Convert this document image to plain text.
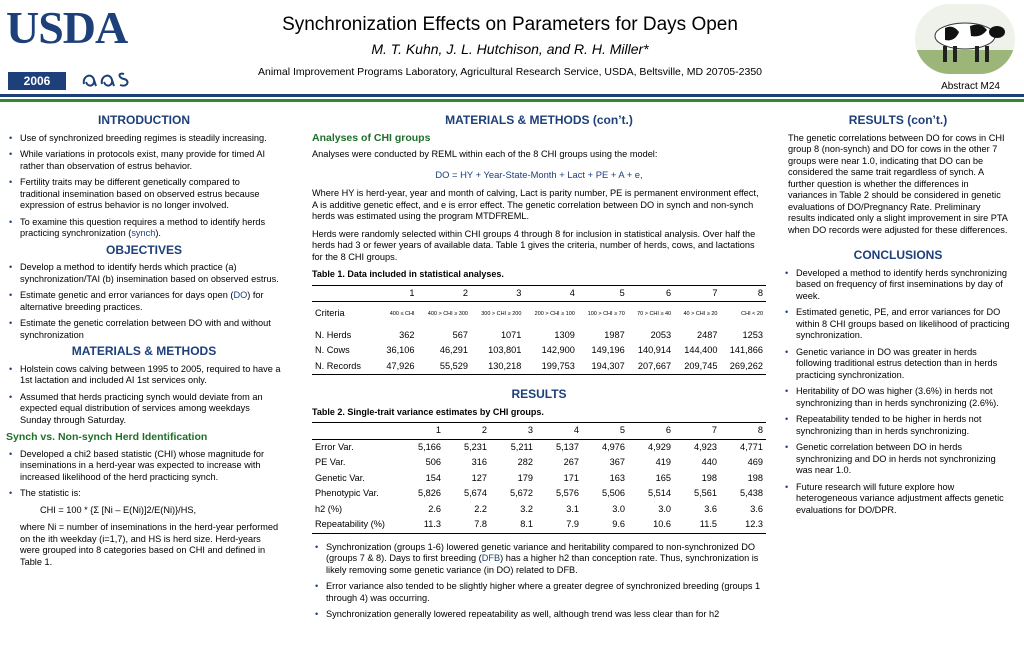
USDA
2006
Synchronization Effects on Parameters for Days Open
M. T. Kuhn, J. L. Hutchison, and R. H. Miller*
Animal Improvement Programs Laboratory, Agricultural Research Service, USDA, Beltsville, MD 20705-2350
Abstract M24
INTRODUCTION
• Use of synchronized breeding regimes is steadily increasing.
• While variations in protocols exist, many provide for timed AI rather than observation of estrus behavior.
• Fertility traits may be different genetically compared to traditional insemination based on observed estrus because expression of estrus behavior is no longer involved.
• To examine this question requires a method to identify herds practicing synchronization (synch).
OBJECTIVES
• Develop a method to identify herds which practice (a) synchronization/TAI (b) insemination based on observed estrus.
• Estimate genetic and error variances for days open (DO) for alternative breeding practices.
• Estimate the genetic correlation between DO with and without synchronization
MATERIALS & METHODS
• Holstein cows calving between 1995 to 2005, required to have a 1st lactation and included AI 1st services only.
• Assumed that herds practicing synch would deviate from an expected equal distribution of services among weekdays Sunday through Saturday.
Synch vs. Non-synch Herd Identification
• Developed a chi2 based statistic (CHI) whose magnitude for inseminations in a herd-year was expected to increase with increased likelihood of the herd practicing synch.
• The statistic is:
CHI = 100 * {Σ [Ni – E(Ni)]2/E(Ni)}/HS,

where Ni = number of inseminations in the herd-year performed on the ith weekday (i=1,7), and HS is herd size. Herd-years were grouped into 8 categories based on CHI and defined in Table 1.

MATERIALS & METHODS (con’t.)
Analyses of CHI groups

Analyses were conducted by REML within each of the 8 CHI groups using the model:

DO = HY + Year-State-Month + Lact + PE + A + e,

Where HY is herd-year, year and month of calving, Lact is parity number, PE is permanent environment effect, A is additive genetic effect, and e is error effect. The genetic correlation between DO in synch and non-synch herds was estimated using the program MTDFREML.

Herds were randomly selected within CHI groups 4 through 8 for inclusion in statistical analysis. Over half the herds had 3 or fewer years of available data. Table 1 gives the criteria, number of herds, cows, and lactations for the 8 CHI groups.

Table 1. Data included in statistical analyses.
	1	2	3	4	5	6	7	8
Criteria	400 ≤ CHI	400 > CHI ≥ 300	300 > CHI ≥ 200	200 > CHI ≥ 100	100 > CHI ≥ 70	70 > CHI ≥ 40	40 > CHI ≥ 20	CHI < 20
N. Herds	362	567	1071	1309	1987	2053	2487	1253
N. Cows	36,106	46,291	103,801	142,900	149,196	140,914	144,400	141,866
N. Records	47,926	55,529	130,218	199,753	194,307	207,667	209,745	269,262
RESULTS
Table 2. Single-trait variance estimates by CHI groups.
	1	2	3	4	5	6	7	8
Error Var.	5,166	5,231	5,211	5,137	4,976	4,929	4,923	4,771
PE Var.	506	316	282	267	367	419	440	469
Genetic Var.	154	127	179	171	163	165	198	198
Phenotypic Var.	5,826	5,674	5,672	5,576	5,506	5,514	5,561	5,438
h2 (%)	2.6	2.2	3.2	3.1	3.0	3.0	3.6	3.6
Repeatability (%)	11.3	7.8	8.1	7.9	9.6	10.6	11.5	12.3
• Synchronization (groups 1-6) lowered genetic variance and heritability compared to non-synchronized DO (groups 7 & 8). Days to first breeding (DFB) has a higher h2 than conception rate. Thus, synchronization is likely removing some genetic variance (in DO) related to DFB.
• Error variance also tended to be slightly higher where a greater degree of synchronized breeding (groups 1 through 4) was occurring.
• Synchronization generally lowered repeatability as well, although trend was less clear than for h2
RESULTS (con’t.)

The genetic correlations between DO for cows in CHI group 8 (non-synch) and DO for cows in the other 7 groups were near 1.0, indicating that DO can be considered the same trait regardless of synch. A further question is whether the differences in variances in Table 2 should be considered in genetic evaluations of DO/Pregnancy Rate. Preliminary results indicated only a slight improvement in sire PTA when DO records were adjusted for these differences.

CONCLUSIONS
• Developed a method to identify herds synchronizing based on frequency of first inseminations by day of week.
• Estimated genetic, PE, and error variances for DO within 8 CHI groups based on likelihood of practicing synchronization.
• Genetic variance in DO was greater in herds following traditional estrus detection than in herds practicing synchronization.
• Heritability of DO was higher (3.6%) in herds not synchronizing than in herds synchronizing (2.6%).
• Repeatability tended to be higher in herds not synchronizing than in herds synchronizing.
• Genetic correlation between DO in herds synchronizing and DO in herds not synchronizing was near 1.0.
• Future research will future explore how heterogeneous variance adjustment affects genetic evaluations for DO/DPR.
